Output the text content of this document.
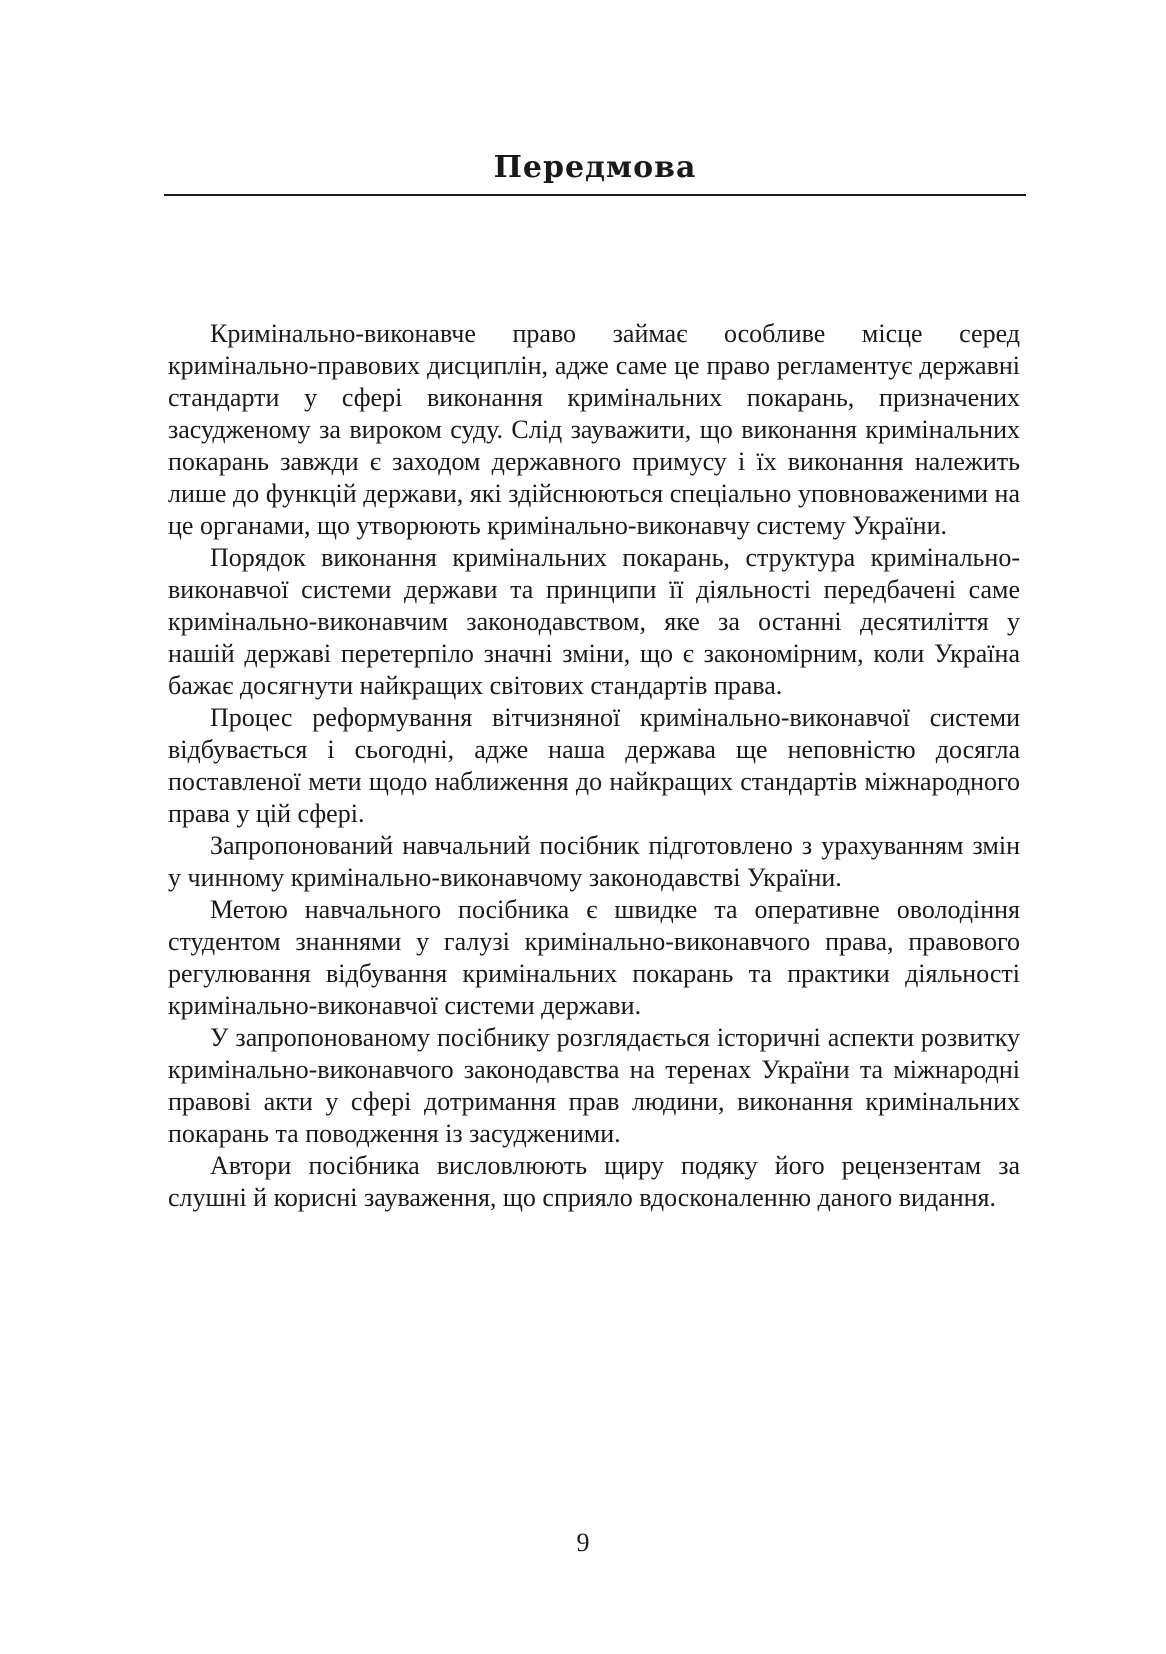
Передмова

Кримінально-виконавче право займає особливе місце серед кримінально-правових дисциплін, адже саме це право регламентує державні стандарти у сфері виконання кримінальних покарань, призначених засудженому за вироком суду. Слід зауважити, що виконання кримінальних покарань завжди є заходом державного примусу і їх виконання належить лише до функцій держави, які здійснюються спеціально уповноваженими на це органами, що утворюють кримінально-виконавчу систему України.

Порядок виконання кримінальних покарань, структура кримінально-виконавчої системи держави та принципи її діяльності передбачені саме кримінально-виконавчим законодавством, яке за останні десятиліття у нашій державі перетерпіло значні зміни, що є закономірним, коли Україна бажає досягнути найкращих світових стандартів права.

Процес реформування вітчизняної кримінально-виконавчої системи відбувається і сьогодні, адже наша держава ще неповністю досягла поставленої мети щодо наближення до найкращих стандартів міжнародного права у цій сфері.

Запропонований навчальний посібник підготовлено з урахуванням змін у чинному кримінально-виконавчому законодавстві України.

Метою навчального посібника є швидке та оперативне оволодіння студентом знаннями у галузі кримінально-виконавчого права, правового регулювання відбування кримінальних покарань та практики діяльності кримінально-виконавчої системи держави.

У запропонованому посібнику розглядається історичні аспекти розвитку кримінально-виконавчого законодавства на теренах України та міжнародні правові акти у сфері дотримання прав людини, виконання кримінальних покарань та поводження із засудженими.

Автори посібника висловлюють щиру подяку його рецензентам за слушні й корисні зауваження, що сприяло вдосконаленню даного видання.

9
